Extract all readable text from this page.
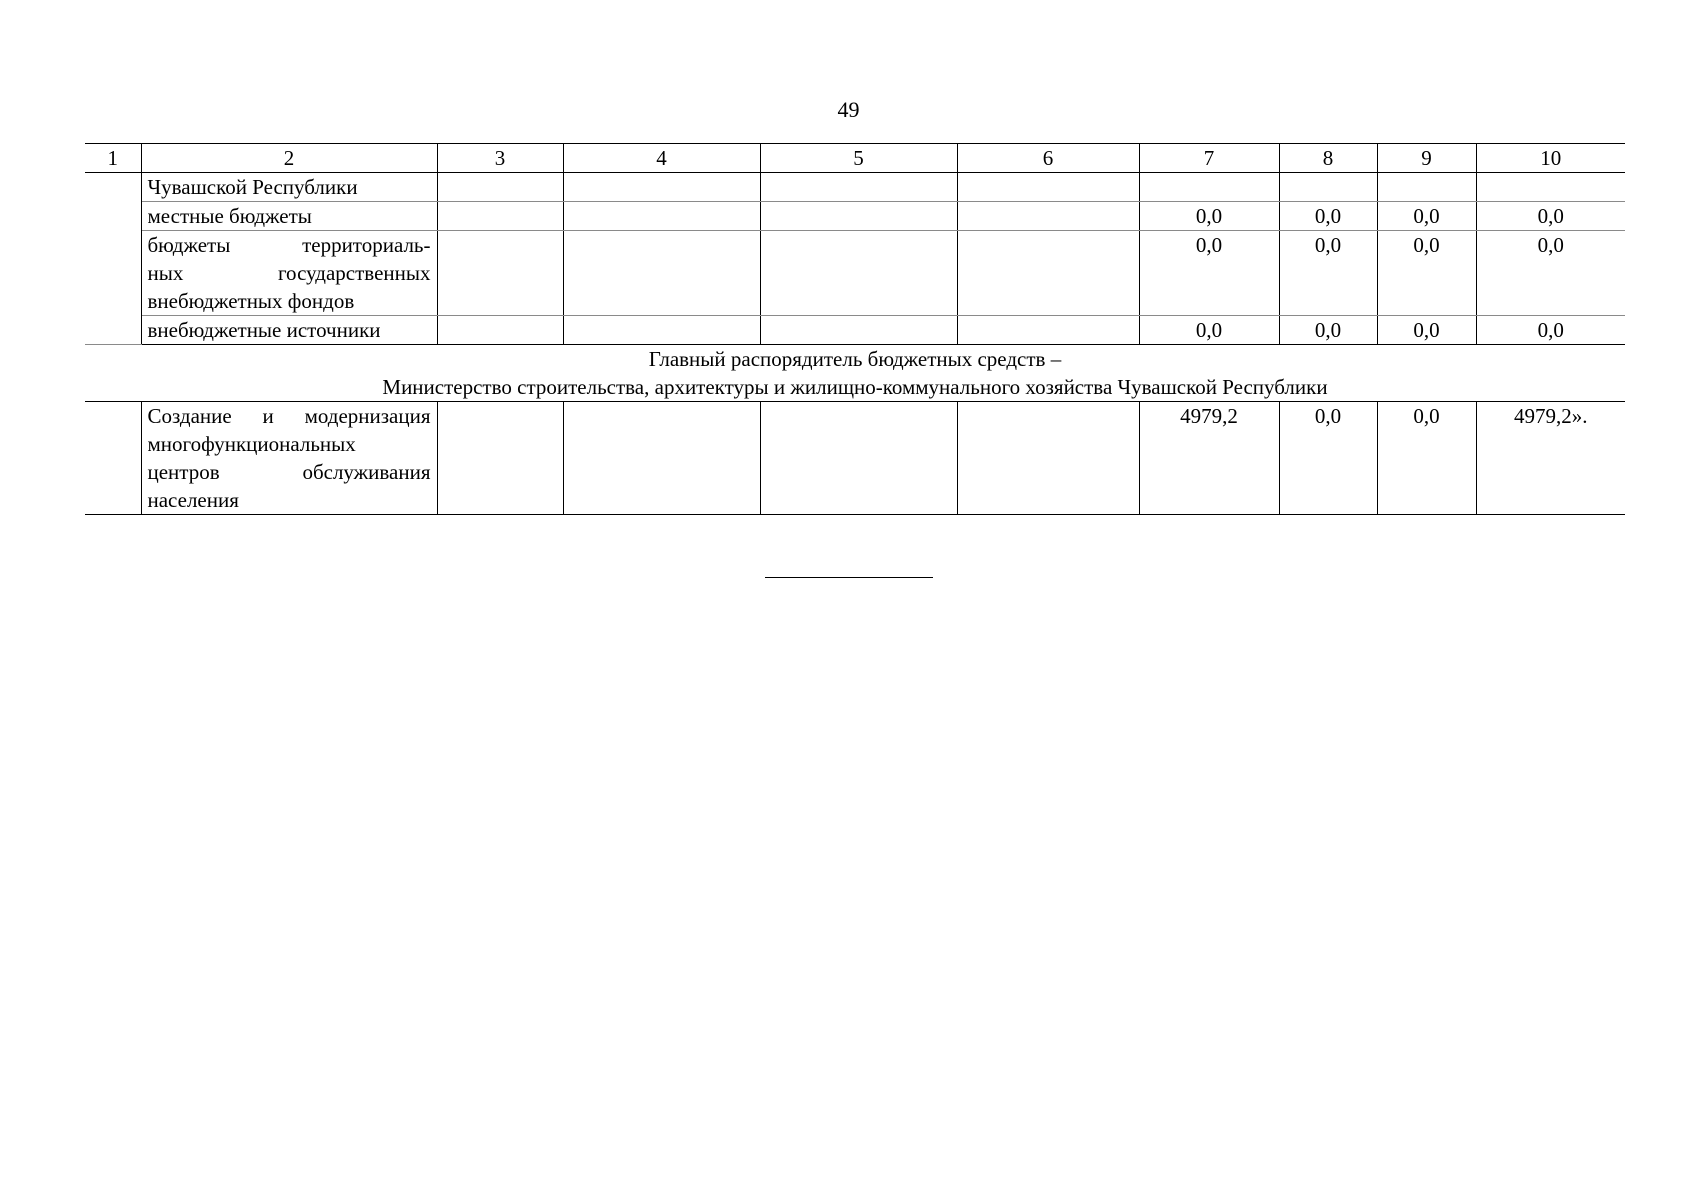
49
1	2	3	4	5	6	7	8	9	10

	Чувашской Республики								

	местные бюджеты					0,0	0,0	0,0	0,0

	бюджеты территориаль-
ных государственных
внебюджетных фондов					0,0	0,0	0,0	0,0

	внебюджетные источники					0,0	0,0	0,0	0,0

Главный распорядитель бюджетных средств –
Министерство строительства, архитектуры и жилищно-коммунального хозяйства Чувашской Республики									

	Создание и модернизация
многофункциональных
центров обслуживания
населения					4979,2	0,0	0,0	4979,2».
